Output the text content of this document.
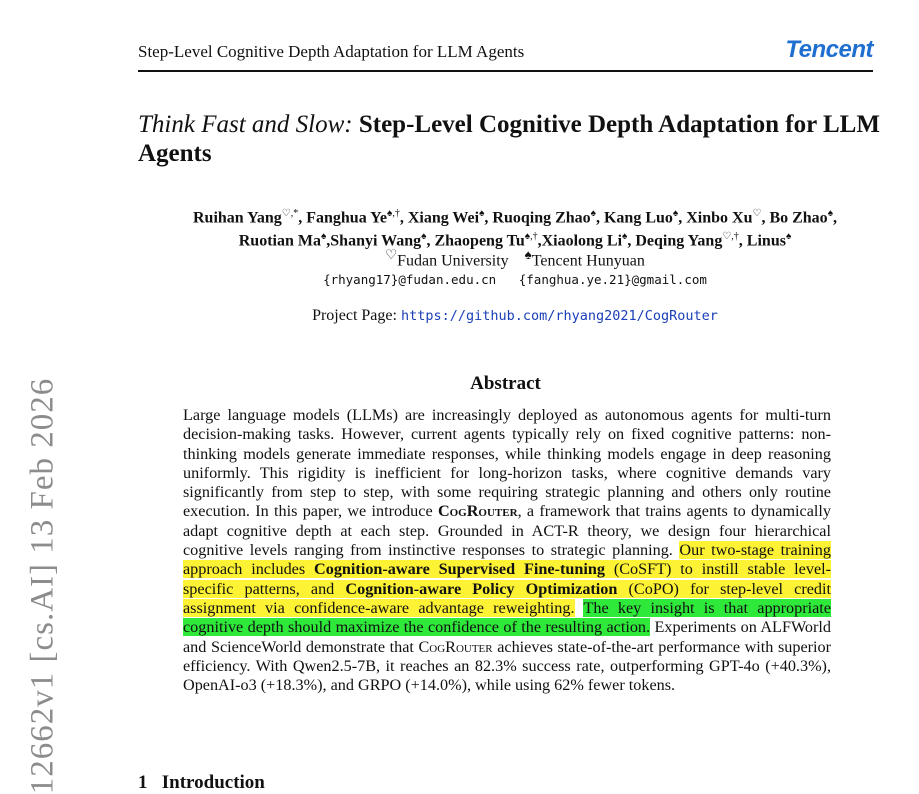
12662v1 [cs.AI] 13 Feb 2026
Step-Level Cognitive Depth Adaptation for LLM Agents	Tencent
Think Fast and Slow: Step-Level Cognitive Depth Adaptation for LLM Agents
Ruihan Yang♡,*, Fanghua Ye♠,†, Xiang Wei♠, Ruoqing Zhao♠, Kang Luo♠, Xinbo Xu♡, Bo Zhao♠,
Ruotian Ma♠,Shanyi Wang♠, Zhaopeng Tu♠,†,Xiaolong Li♠, Deqing Yang♡,†, Linus♠
♡Fudan University ♠Tencent Hunyuan
{rhyang17}@fudan.edu.cn {fanghua.ye.21}@gmail.com
Project Page: https://github.com/rhyang2021/CogRouter
Abstract

Large language models (LLMs) are increasingly deployed as autonomous agents for multi-turn decision-making tasks. However, current agents typically rely on fixed cognitive patterns: non-thinking models generate immediate responses, while thinking models engage in deep reasoning uniformly. This rigidity is inefficient for long-horizon tasks, where cognitive demands vary significantly from step to step, with some requiring strategic planning and others only routine execution. In this paper, we introduce CogRouter, a framework that trains agents to dynamically adapt cognitive depth at each step. Grounded in ACT-R theory, we design four hierarchical cognitive levels ranging from instinctive responses to strategic planning. Our two-stage training approach includes Cognition-aware Supervised Fine-tuning (CoSFT) to instill stable level-specific patterns, and Cognition-aware Policy Optimization (CoPO) for step-level credit assignment via confidence-aware advantage reweighting. The key insight is that appropriate cognitive depth should maximize the confidence of the resulting action. Experiments on ALFWorld and ScienceWorld demonstrate that CogRouter achieves state-of-the-art performance with superior efficiency. With Qwen2.5-7B, it reaches an 82.3% success rate, outperforming GPT-4o (+40.3%), OpenAI-o3 (+18.3%), and GRPO (+14.0%), while using 62% fewer tokens.

1 Introduction
